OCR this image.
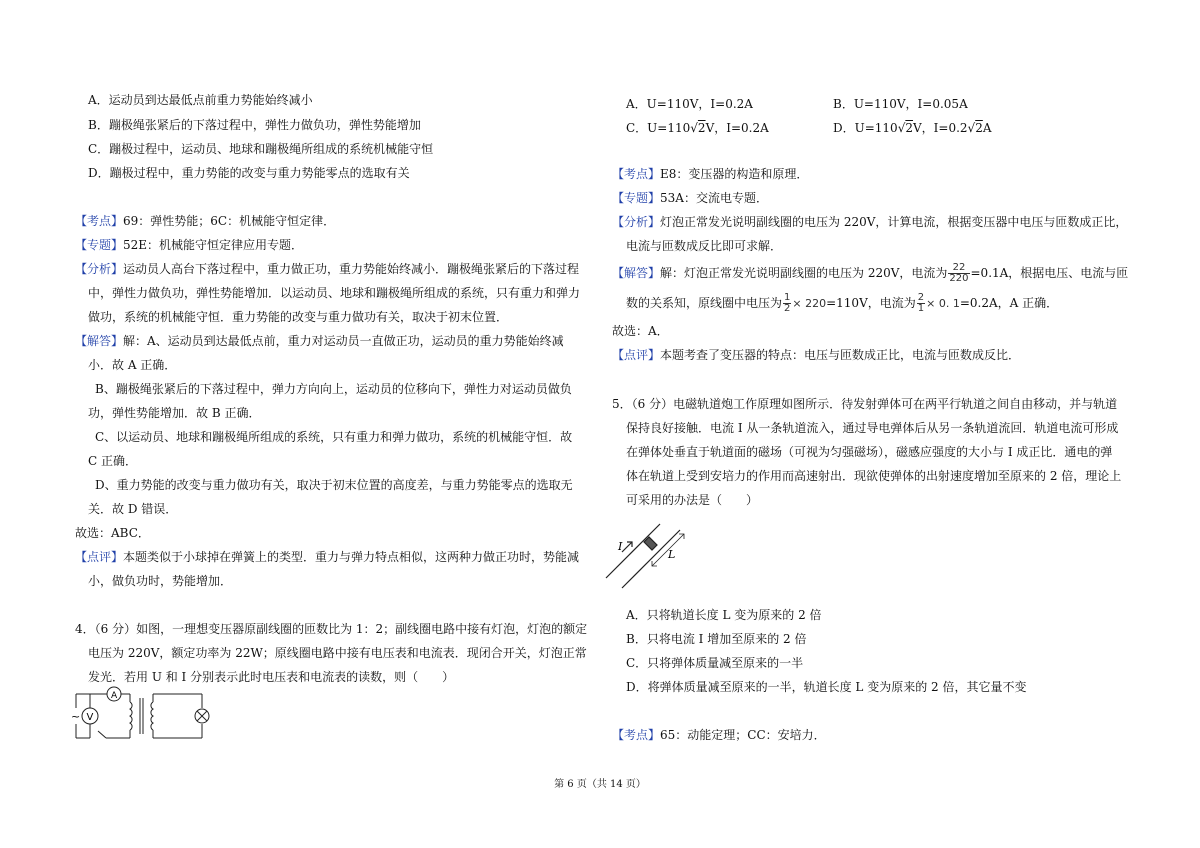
A．运动员到达最低点前重力势能始终减小
B．蹦极绳张紧后的下落过程中，弹性力做负功，弹性势能增加
C．蹦极过程中，运动员、地球和蹦极绳所组成的系统机械能守恒
D．蹦极过程中，重力势能的改变与重力势能零点的选取有关
【考点】69：弹性势能；6C：机械能守恒定律．
【专题】52E：机械能守恒定律应用专题．
【分析】运动员人高台下落过程中，重力做正功，重力势能始终减小．蹦极绳张紧后的下落过程
中，弹性力做负功，弹性势能增加．以运动员、地球和蹦极绳所组成的系统，只有重力和弹力
做功，系统的机械能守恒．重力势能的改变与重力做功有关，取决于初末位置．
【解答】解：A、运动员到达最低点前，重力对运动员一直做正功，运动员的重力势能始终减
小．故 A 正确．
B、蹦极绳张紧后的下落过程中，弹力方向向上，运动员的位移向下，弹性力对运动员做负
功，弹性势能增加．故 B 正确．
C、以运动员、地球和蹦极绳所组成的系统，只有重力和弹力做功，系统的机械能守恒．故
C 正确．
D、重力势能的改变与重力做功有关，取决于初末位置的高度差，与重力势能零点的选取无
关．故 D 错误．
故选：ABC．
【点评】本题类似于小球掉在弹簧上的类型．重力与弹力特点相似，这两种力做正功时，势能减
小，做负功时，势能增加．
4．（6 分）如图，一理想变压器原副线圈的匝数比为 1：2；副线圈电路中接有灯泡，灯泡的额定
电压为 220V，额定功率为 22W；原线圈电路中接有电压表和电流表．现闭合开关，灯泡正常
发光．若用 U 和 I 分别表示此时电压表和电流表的读数，则（　　）
A
V
~
A．U=110V，I=0.2A	B．U=110V，I=0.05A
C．U=110√2V，I=0.2A	D．U=110√2V，I=0.2√2A
【考点】E8：变压器的构造和原理．
【专题】53A：交流电专题．
【分析】灯泡正常发光说明副线圈的电压为 220V，计算电流，根据变压器中电压与匝数成正比，
电流与匝数成反比即可求解．
【解答】解：灯泡正常发光说明副线圈的电压为 220V，电流为 $\frac{22}{220} =0.1A$，根据电压、电流与匝
数的关系知，原线圈中电压为 $\frac{1}{2} \times 220=110V$，电流为 $\frac{2}{1} \times 0$. 1=0.2A，A 正确．
故选：A．
【点评】本题考查了变压器的特点：电压与匝数成正比，电流与匝数成反比．
5．（6 分）电磁轨道炮工作原理如图所示．待发射弹体可在两平行轨道之间自由移动，并与轨道
保持良好接触．电流 I 从一条轨道流入，通过导电弹体后从另一条轨道流回．轨道电流可形成
在弹体处垂直于轨道面的磁场（可视为匀强磁场），磁感应强度的大小与 I 成正比．通电的弹
体在轨道上受到安培力的作用而高速射出．现欲使弹体的出射速度增加至原来的 2 倍，理论上
可采用的办法是（　　）
I
L
A．只将轨道长度 L 变为原来的 2 倍
B．只将电流 I 增加至原来的 2 倍
C．只将弹体质量减至原来的一半
D．将弹体质量减至原来的一半，轨道长度 L 变为原来的 2 倍，其它量不变
【考点】65：动能定理；CC：安培力．
第 6 页（共 14 页）
